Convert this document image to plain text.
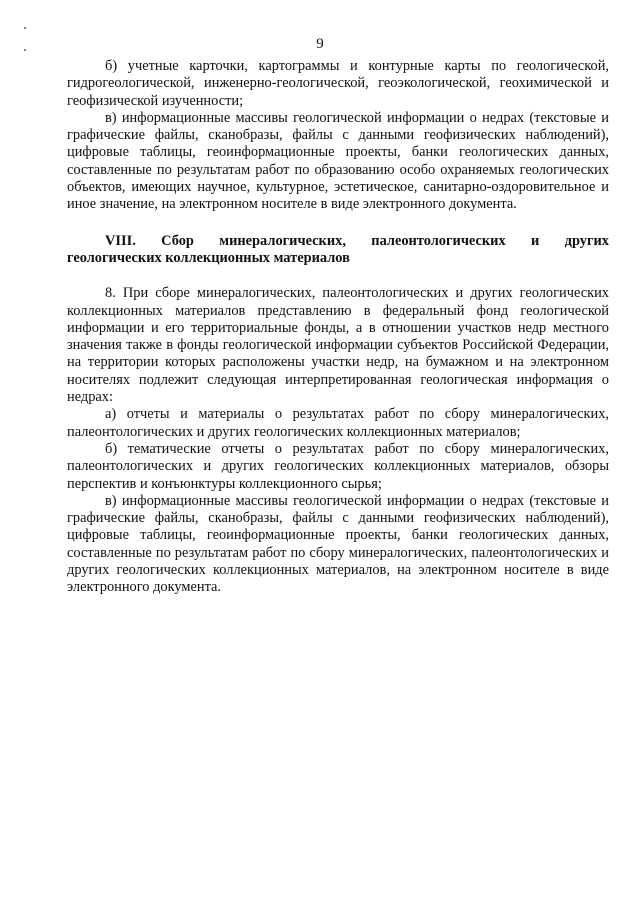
9

б) учетные карточки, картограммы и контурные карты по геологической, гидрогеологической, инженерно-геологической, геоэкологической, геохимической и геофизической изученности;

в) информационные массивы геологической информации о недрах (текстовые и графические файлы, сканобразы, файлы с данными геофизических наблюдений), цифровые таблицы, геоинформационные проекты, банки геологических данных, составленные по результатам работ по образованию особо охраняемых геологических объектов, имеющих научное, культурное, эстетическое, санитарно-оздоровительное и иное значение, на электронном носителе в виде электронного документа.

VIII. Сбор минералогических, палеонтологических и других
геологических коллекционных материалов

8. При сборе минералогических, палеонтологических и других геологических коллекционных материалов представлению в федеральный фонд геологической информации и его территориальные фонды, а в отношении участков недр местного значения также в фонды геологической информации субъектов Российской Федерации, на территории которых расположены участки недр, на бумажном и на электронном носителях подлежит следующая интерпретированная геологическая информация о недрах:

а) отчеты и материалы о результатах работ по сбору минералогических, палеонтологических и других геологических коллекционных материалов;

б) тематические отчеты о результатах работ по сбору минералогических, палеонтологических и других геологических коллекционных материалов, обзоры перспектив и конъюнктуры коллекционного сырья;

в) информационные массивы геологической информации о недрах (текстовые и графические файлы, сканобразы, файлы с данными геофизических наблюдений), цифровые таблицы, геоинформационные проекты, банки геологических данных, составленные по результатам работ по сбору минералогических, палеонтологических и других геологических коллекционных материалов, на электронном носителе в виде электронного документа.
